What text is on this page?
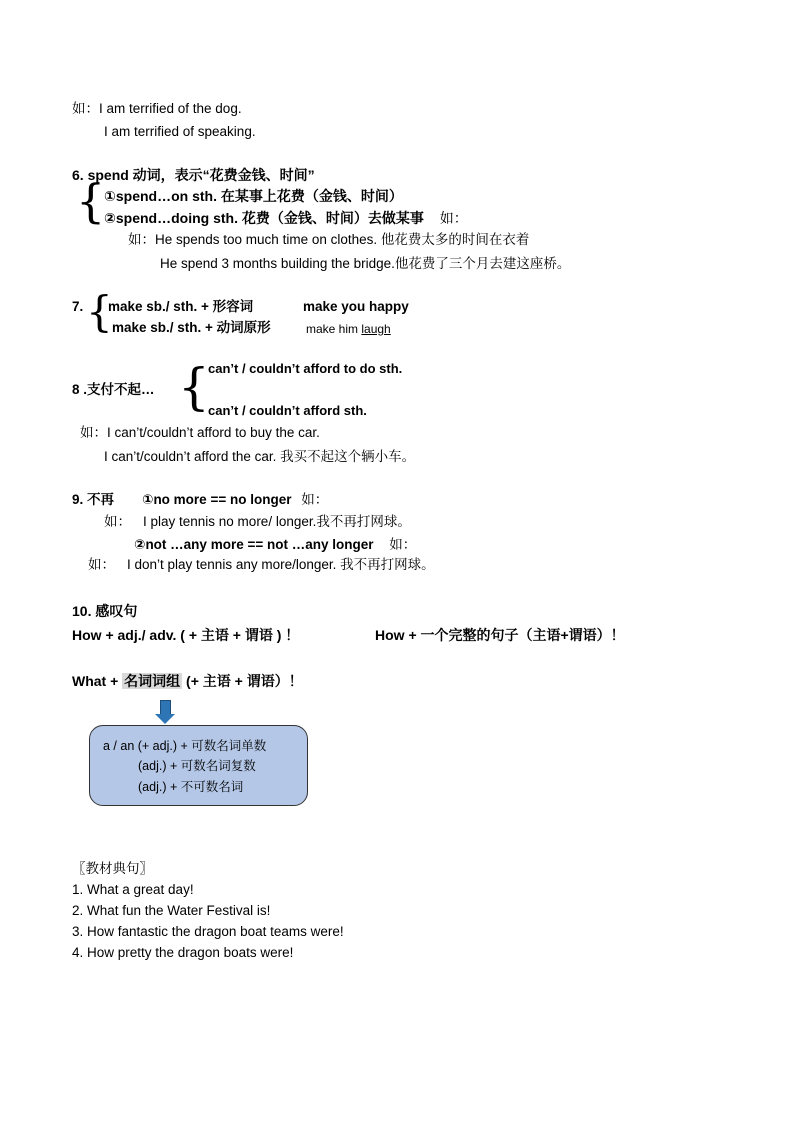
如：I am terrified of the dog.
I am terrified of speaking.
6. spend 动词，表示“花费金钱、时间”
{
①spend…on sth. 在某事上花费（金钱、时间）
②spend…doing sth. 花费（金钱、时间）去做某事 如：
如：He spends too much time on clothes. 他花费太多的时间在衣着
He spend 3 months building the bridge.他花费了三个月去建这座桥。
7. {
make sb./ sth. + 形容词	make you happy
make sb./ sth. + 动词原形	make him laugh
can’t / couldn’t afford to do sth.
8 .支付不起… {
can’t / couldn’t afford sth.
如：I can’t/couldn’t afford to buy the car.
I can’t/couldn’t afford the car. 我买不起这个辆小车。
9. 不再 ①no more == no longer 如：
如： I play tennis no more/ longer.我不再打网球。
②not …any more == not …any longer 如：
如： I don’t play tennis any more/longer. 我不再打网球。
10. 感叹句
How + adj./ adv. ( + 主语 + 谓语 ) ！	How + 一个完整的句子（主语+谓语）！
What + 名词词组 (+ 主语 + 谓语）！
a / an (+ adj.) + 可数名词单数
(adj.) + 可数名词复数
(adj.) + 不可数名词
〖教材典句〗
1. What a great day!
2. What fun the Water Festival is!
3. How fantastic the dragon boat teams were!
4. How pretty the dragon boats were!
